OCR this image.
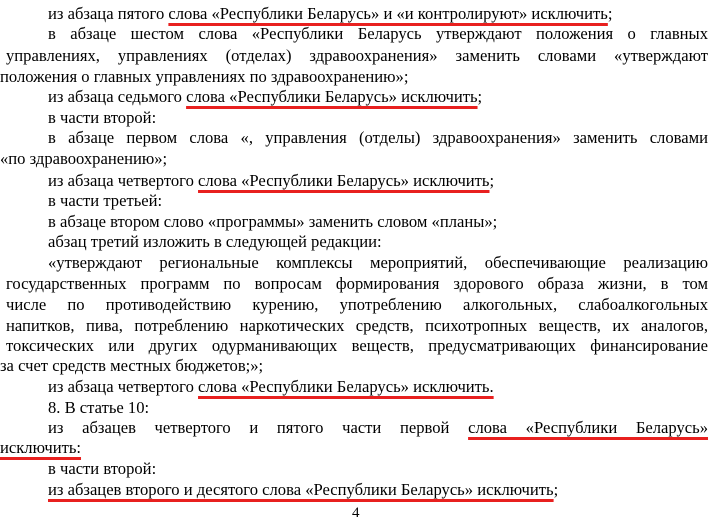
из абзаца пятого слова «Республики Беларусь» и «и контролируют» исключить;
в абзаце шестом слова «Республики Беларусь утверждают положения о главных
управлениях, управлениях (отделах) здравоохранения» заменить словами «утверждают
положения о главных управлениях по здравоохранению»;
из абзаца седьмого слова «Республики Беларусь» исключить;
в части второй:
в абзаце первом слова «, управления (отделы) здравоохранения» заменить словами
«по здравоохранению»;
из абзаца четвертого слова «Республики Беларусь» исключить;
в части третьей:
в абзаце втором слово «программы» заменить словом «планы»;
абзац третий изложить в следующей редакции:
«утверждают региональные комплексы мероприятий, обеспечивающие реализацию
государственных программ по вопросам формирования здорового образа жизни, в том
числе по противодействию курению, употреблению алкогольных, слабоалкогольных
напитков, пива, потреблению наркотических средств, психотропных веществ, их аналогов,
токсических или других одурманивающих веществ, предусматривающих финансирование
за счет средств местных бюджетов;»;
из абзаца четвертого слова «Республики Беларусь» исключить.
8. В статье 10:
из абзацев четвертого и пятого части первой слова «Республики Беларусь»
исключить:
в части второй:
из абзацев второго и десятого слова «Республики Беларусь» исключить;
4
